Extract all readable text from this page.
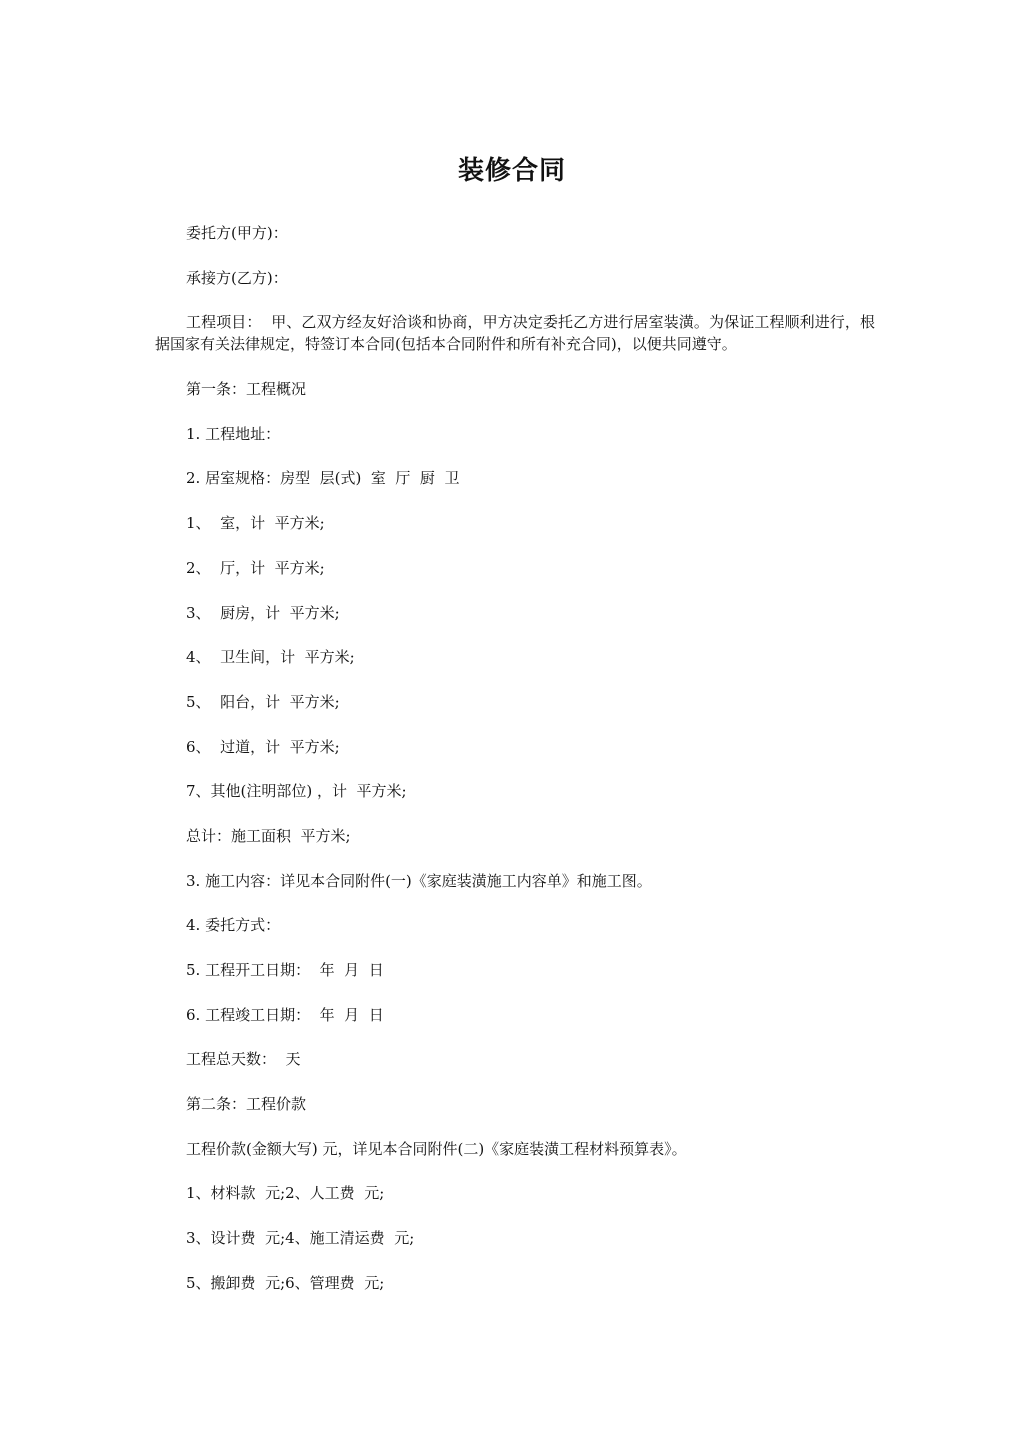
装修合同

委托方(甲方)：

承接方(乙方)：

工程项目：  甲、乙双方经友好洽谈和协商，甲方决定委托乙方进行居室装潢。为保证工程顺利进行，根据国家有关法律规定，特签订本合同(包括本合同附件和所有补充合同)，以便共同遵守。

第一条：工程概况

1. 工程地址：

2. 居室规格：房型  层(式)  室  厅  厨  卫

1、  室，计  平方米;

2、  厅，计  平方米;

3、  厨房，计  平方米;

4、  卫生间，计  平方米;

5、  阳台，计  平方米;

6、  过道，计  平方米;

7、其他(注明部位) ，计  平方米;

总计：施工面积  平方米;

3. 施工内容：详见本合同附件(一)《家庭装潢施工内容单》和施工图。

4. 委托方式：

5. 工程开工日期：  年  月  日

6. 工程竣工日期：  年  月  日

工程总天数：  天

第二条：工程价款

工程价款(金额大写) 元，详见本合同附件(二)《家庭装潢工程材料预算表》。

1、材料款  元;2、人工费  元;

3、设计费  元;4、施工清运费  元;

5、搬卸费  元;6、管理费  元;
